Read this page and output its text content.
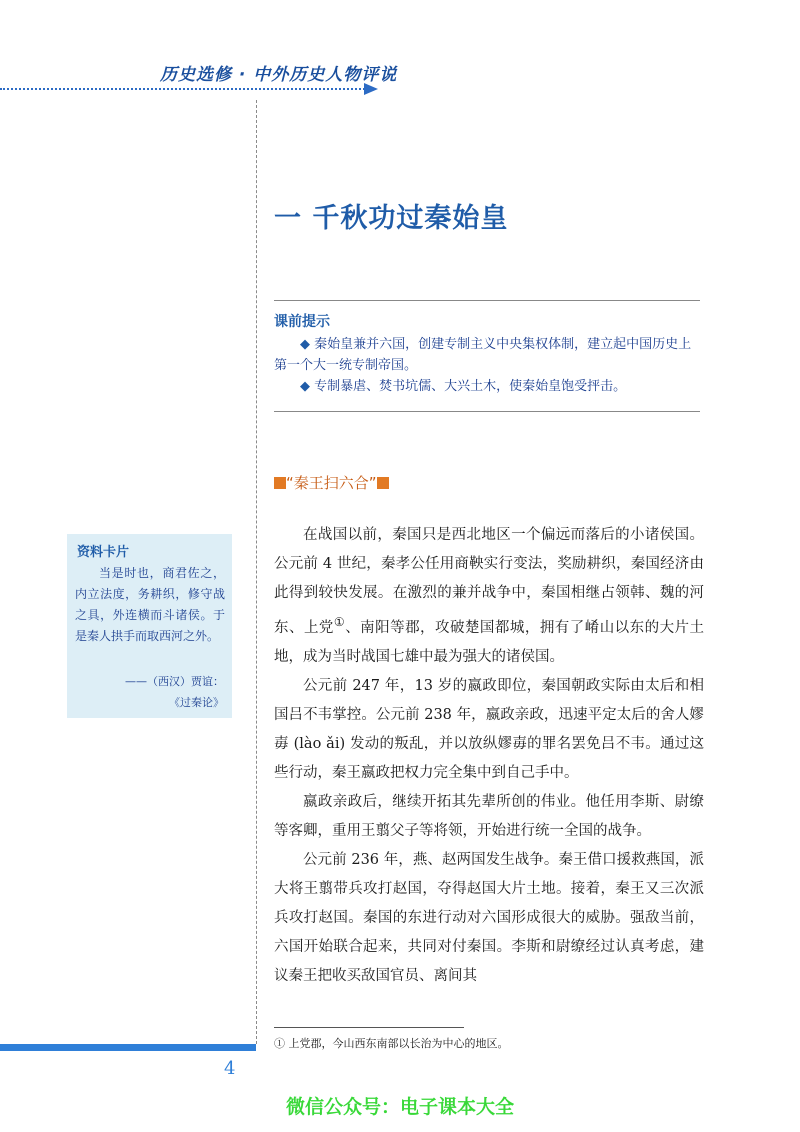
历史选修 · 中外历史人物评说
一 千秋功过秦始皇
课前提示

◆ 秦始皇兼并六国，创建专制主义中央集权体制，建立起中国历史上第一个大一统专制帝国。

◆ 专制暴虐、焚书坑儒、大兴土木，使秦始皇饱受抨击。

“秦王扫六合”
资料卡片
当是时也，商君佐之，内立法度，务耕织，修守战之具，外连横而斗诸侯。于是秦人拱手而取西河之外。
——（西汉）贾谊：
《过秦论》

在战国以前，秦国只是西北地区一个偏远而落后的小诸侯国。公元前 4 世纪，秦孝公任用商鞅实行变法，奖励耕织，秦国经济由此得到较快发展。在激烈的兼并战争中，秦国相继占领韩、魏的河东、上党①、南阳等郡，攻破楚国都城，拥有了崤山以东的大片土地，成为当时战国七雄中最为强大的诸侯国。

公元前 247 年，13 岁的嬴政即位，秦国朝政实际由太后和相国吕不韦掌控。公元前 238 年，嬴政亲政，迅速平定太后的舍人嫪毐 (lào ǎi) 发动的叛乱，并以放纵嫪毐的罪名罢免吕不韦。通过这些行动，秦王嬴政把权力完全集中到自己手中。

嬴政亲政后，继续开拓其先辈所创的伟业。他任用李斯、尉缭等客卿，重用王翦父子等将领，开始进行统一全国的战争。

公元前 236 年，燕、赵两国发生战争。秦王借口援救燕国，派大将王翦带兵攻打赵国，夺得赵国大片土地。接着，秦王又三次派兵攻打赵国。秦国的东进行动对六国形成很大的威胁。强敌当前，六国开始联合起来，共同对付秦国。李斯和尉缭经过认真考虑，建议秦王把收买敌国官员、离间其

① 上党郡，今山西东南部以长治为中心的地区。
4
微信公众号：电子课本大全
